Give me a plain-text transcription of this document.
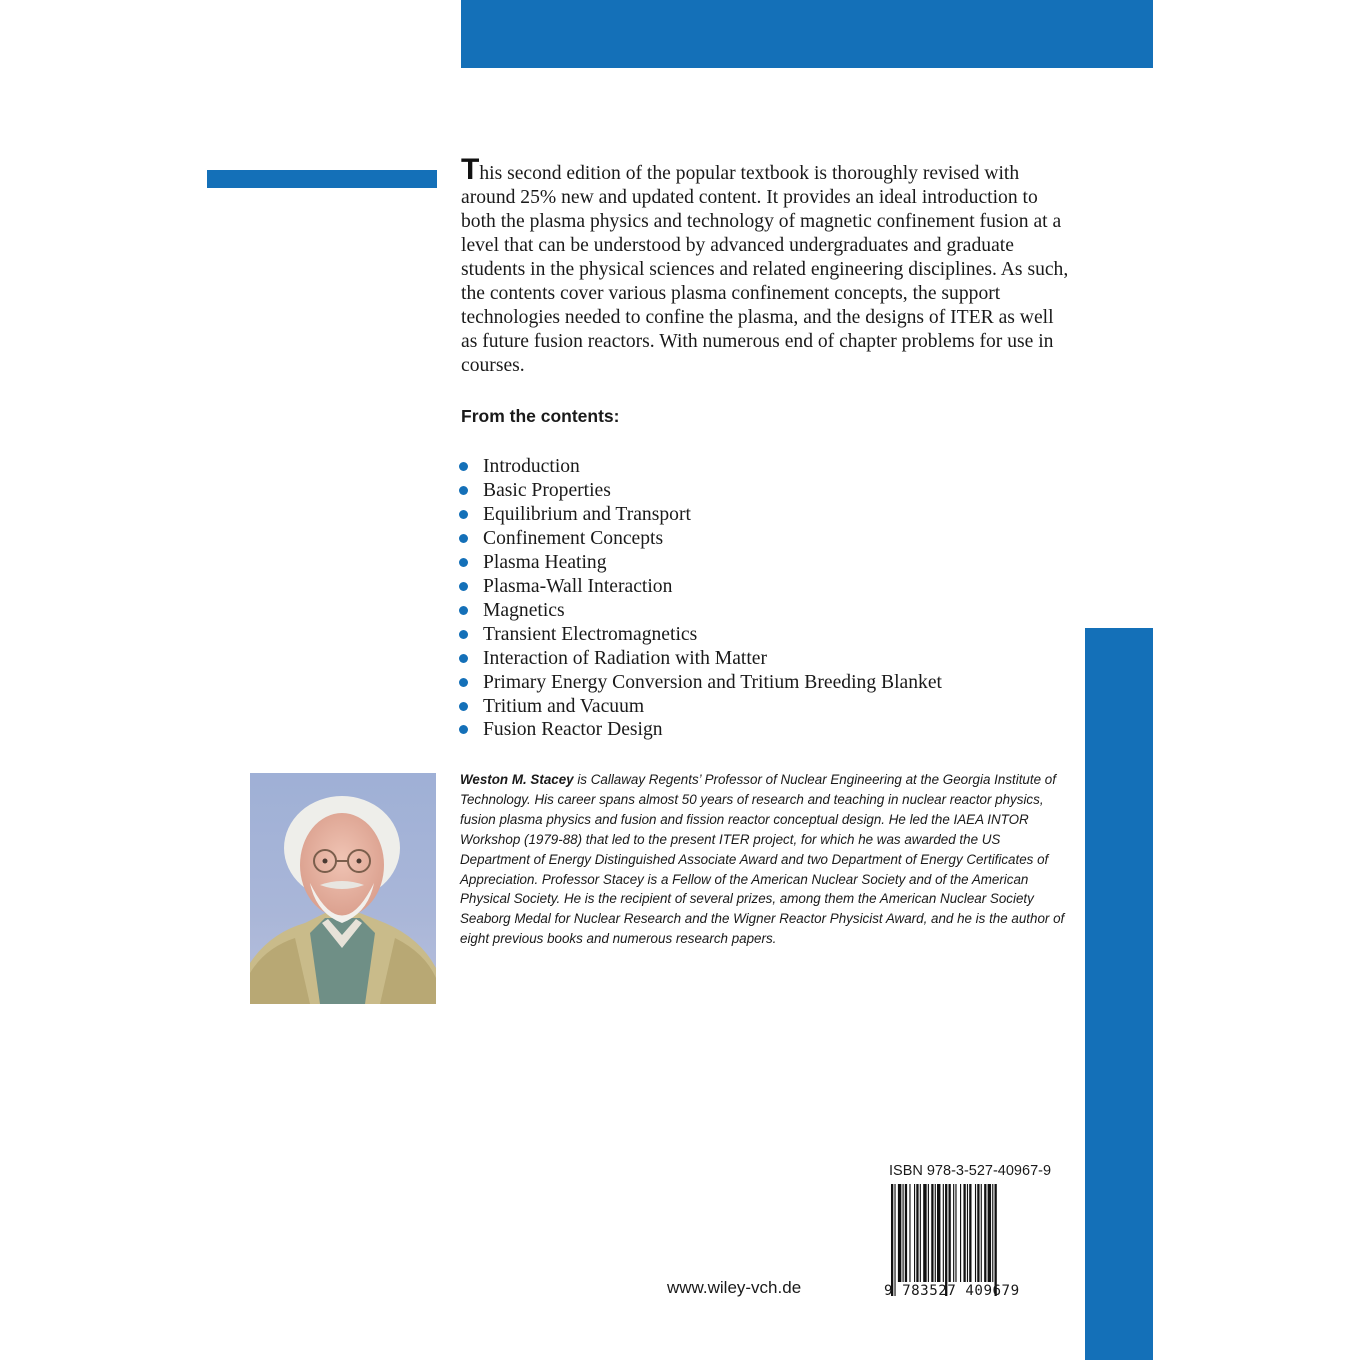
This second edition of the popular textbook is thoroughly revised with around 25% new and updated content. It provides an ideal introduction to both the plasma physics and technology of magnetic confinement fusion at a level that can be understood by advanced undergraduates and graduate students in the physical sciences and related engineering disciplines. As such, the contents cover various plasma confinement concepts, the support technologies needed to confine the plasma, and the designs of ITER as well as future fusion reactors. With numerous end of chapter problems for use in courses.

From the contents:
Introduction
Basic Properties
Equilibrium and Transport
Confinement Concepts
Plasma Heating
Plasma-Wall Interaction
Magnetics
Transient Electromagnetics
Interaction of Radiation with Matter
Primary Energy Conversion and Tritium Breeding Blanket
Tritium and Vacuum
Fusion Reactor Design

Weston M. Stacey is Callaway Regents’ Professor of Nuclear Engineering at the Georgia Institute of Technology. His career spans almost 50 years of research and teaching in nuclear reactor physics, fusion plasma physics and fusion and fission reactor conceptual design. He led the IAEA INTOR Workshop (1979-88) that led to the present ITER project, for which he was awarded the US Department of Energy Distinguished Associate Award and two Department of Energy Certificates of Appreciation. Professor Stacey is a Fellow of the American Nuclear Society and of the American Physical Society. He is the recipient of several prizes, among them the American Nuclear Society Seaborg Medal for Nuclear Research and the Wigner Reactor Physicist Award, and he is the author of eight previous books and numerous research papers.

www.wiley-vch.de
ISBN 978-3-527-40967-9
9 783527 409679
